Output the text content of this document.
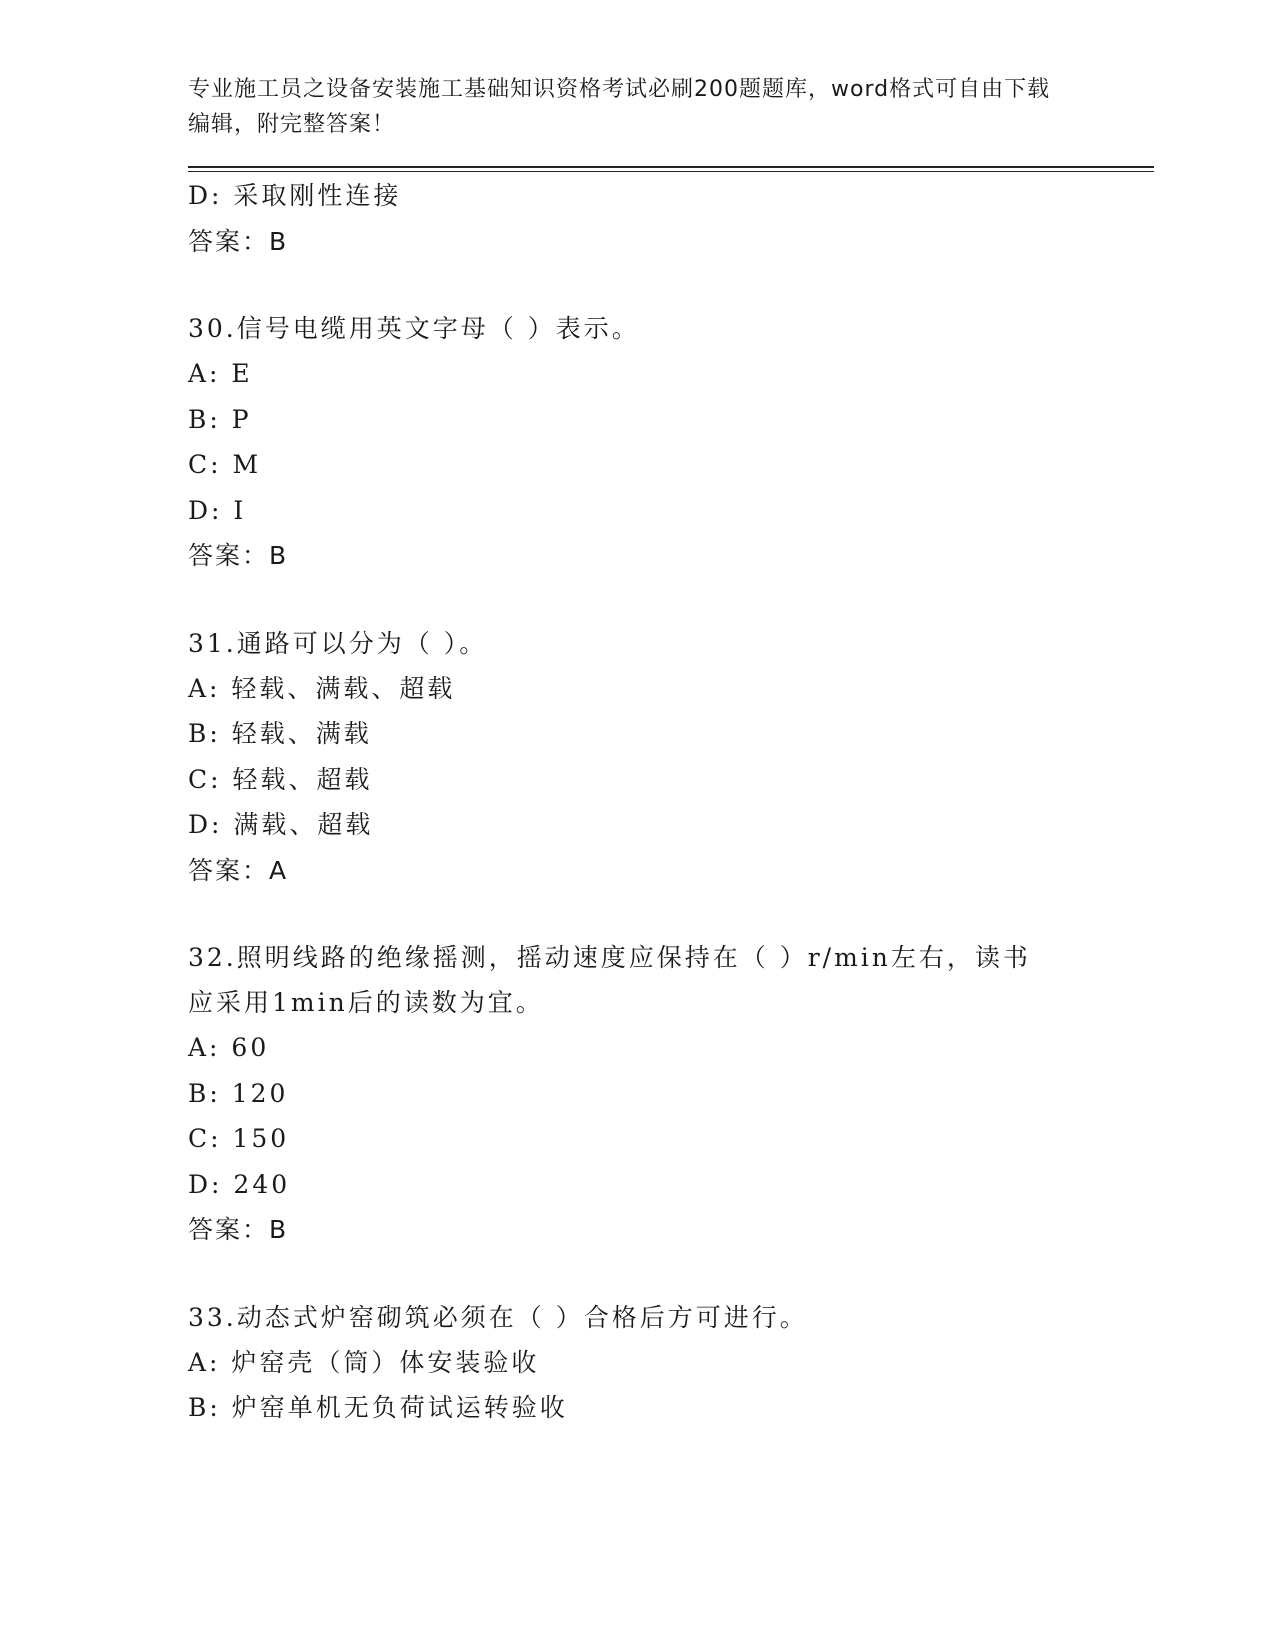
专业施工员之设备安装施工基础知识资格考试必刷200题题库，word格式可自由下载编辑，附完整答案！

D: 采取刚性连接
答案：B
30.信号电缆用英文字母（ ）表示。
A: E
B: P
C: M
D: I
答案：B
31.通路可以分为（ ）。
A: 轻载、满载、超载
B: 轻载、满载
C: 轻载、超载
D: 满载、超载
答案：A
32.照明线路的绝缘摇测，摇动速度应保持在（ ）r/min左右，读书应采用1min后的读数为宜。
A: 60
B: 120
C: 150
D: 240
答案：B
33.动态式炉窑砌筑必须在（ ）合格后方可进行。
A: 炉窑壳（筒）体安装验收
B: 炉窑单机无负荷试运转验收
